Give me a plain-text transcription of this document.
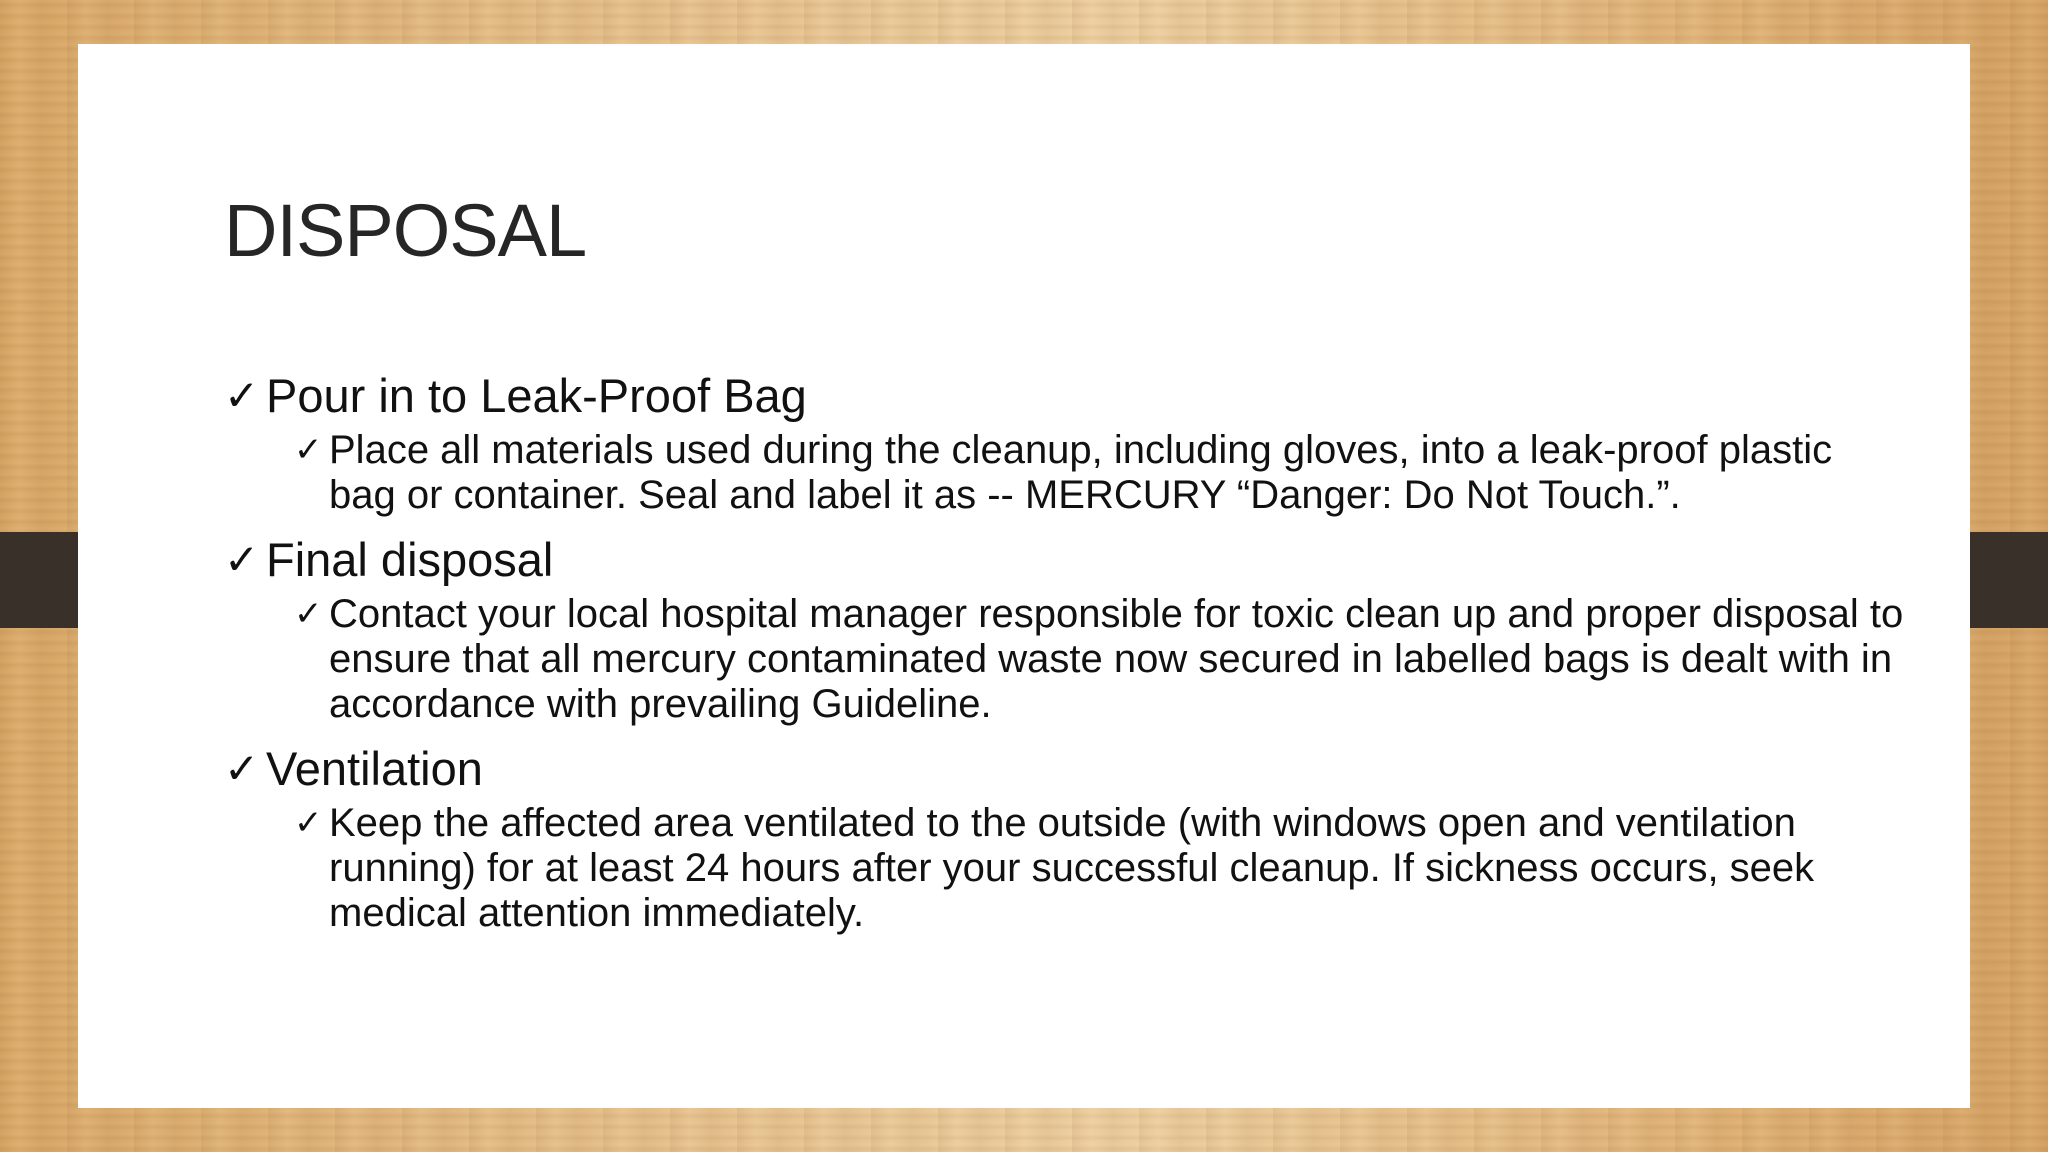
DISPOSAL
✓ Pour in to Leak-Proof Bag
✓ Place all materials used during the cleanup, including gloves, into a leak-proof plastic bag or container. Seal and label it as -- MERCURY “Danger: Do Not Touch.”.
✓ Final disposal
✓ Contact your local hospital manager responsible for toxic clean up and proper disposal to ensure that all mercury contaminated waste now secured in labelled bags is dealt with in accordance with prevailing Guideline.
✓ Ventilation
✓ Keep the affected area ventilated to the outside (with windows open and ventilation running) for at least 24 hours after your successful cleanup. If sickness occurs, seek medical attention immediately.
